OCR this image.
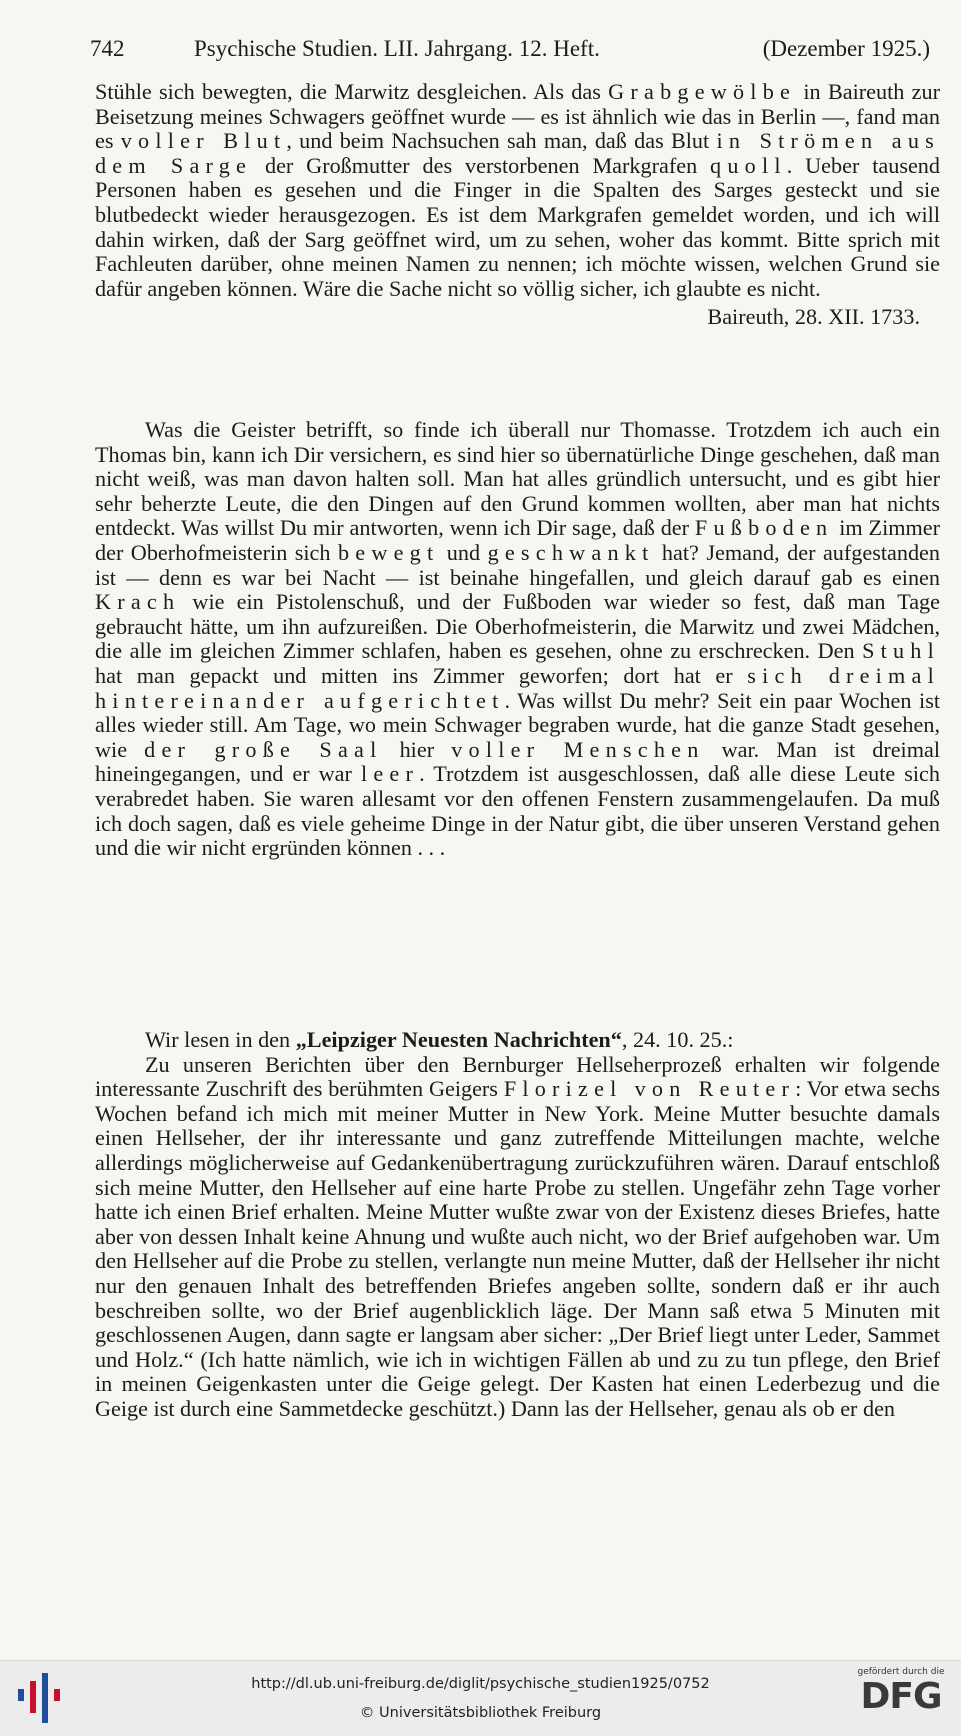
742	Psychische Studien. LII. Jahrgang. 12. Heft.	(Dezember 1925.)

Stühle sich bewegten, die Marwitz desgleichen. Als das Grabgewölbe in Baireuth zur Beisetzung meines Schwagers geöffnet wurde — es ist ähnlich wie das in Berlin —, fand man es voller Blut, und beim Nachsuchen sah man, daß das Blut in Strömen aus dem Sarge der Großmutter des verstorbenen Markgrafen quoll. Ueber tausend Personen haben es gesehen und die Finger in die Spalten des Sarges gesteckt und sie blutbedeckt wieder herausgezogen. Es ist dem Markgrafen gemeldet worden, und ich will dahin wirken, daß der Sarg geöffnet wird, um zu sehen, woher das kommt. Bitte sprich mit Fachleuten darüber, ohne meinen Namen zu nennen; ich möchte wissen, welchen Grund sie dafür angeben können. Wäre die Sache nicht so völlig sicher, ich glaubte es nicht.

Baireuth, 28. XII. 1733.

Was die Geister betrifft, so finde ich überall nur Thomasse. Trotzdem ich auch ein Thomas bin, kann ich Dir versichern, es sind hier so übernatürliche Dinge geschehen, daß man nicht weiß, was man davon halten soll. Man hat alles gründlich untersucht, und es gibt hier sehr beherzte Leute, die den Dingen auf den Grund kommen wollten, aber man hat nichts entdeckt. Was willst Du mir antworten, wenn ich Dir sage, daß der Fußboden im Zimmer der Oberhofmeisterin sich bewegt und geschwankt hat? Jemand, der aufgestanden ist — denn es war bei Nacht — ist beinahe hingefallen, und gleich darauf gab es einen Krach wie ein Pistolenschuß, und der Fußboden war wieder so fest, daß man Tage gebraucht hätte, um ihn aufzureißen. Die Oberhofmeisterin, die Marwitz und zwei Mädchen, die alle im gleichen Zimmer schlafen, haben es gesehen, ohne zu erschrecken. Den Stuhl hat man gepackt und mitten ins Zimmer geworfen; dort hat er sich dreimal hintereinander aufgerichtet. Was willst Du mehr? Seit ein paar Wochen ist alles wieder still. Am Tage, wo mein Schwager begraben wurde, hat die ganze Stadt gesehen, wie der große Saal hier voller Menschen war. Man ist dreimal hineingegangen, und er war leer. Trotzdem ist ausgeschlossen, daß alle diese Leute sich verabredet haben. Sie waren allesamt vor den offenen Fenstern zusammengelaufen. Da muß ich doch sagen, daß es viele geheime Dinge in der Natur gibt, die über unseren Verstand gehen und die wir nicht ergründen können . . .

Wir lesen in den „Leipziger Neuesten Nachrichten“, 24. 10. 25.:

Zu unseren Berichten über den Bernburger Hellseherprozeß erhalten wir folgende interessante Zuschrift des berühmten Geigers Florizel von Reuter: Vor etwa sechs Wochen befand ich mich mit meiner Mutter in New York. Meine Mutter besuchte damals einen Hellseher, der ihr interessante und ganz zutreffende Mitteilungen machte, welche allerdings möglicherweise auf Gedankenübertragung zurückzuführen wären. Darauf entschloß sich meine Mutter, den Hellseher auf eine harte Probe zu stellen. Ungefähr zehn Tage vorher hatte ich einen Brief erhalten. Meine Mutter wußte zwar von der Existenz dieses Briefes, hatte aber von dessen Inhalt keine Ahnung und wußte auch nicht, wo der Brief aufgehoben war. Um den Hellseher auf die Probe zu stellen, verlangte nun meine Mutter, daß der Hellseher ihr nicht nur den genauen Inhalt des betreffenden Briefes angeben sollte, sondern daß er ihr auch beschreiben sollte, wo der Brief augenblicklich läge. Der Mann saß etwa 5 Minuten mit geschlossenen Augen, dann sagte er langsam aber sicher: „Der Brief liegt unter Leder, Sammet und Holz.“ (Ich hatte nämlich, wie ich in wichtigen Fällen ab und zu zu tun pflege, den Brief in meinen Geigenkasten unter die Geige gelegt. Der Kasten hat einen Lederbezug und die Geige ist durch eine Sammetdecke geschützt.) Dann las der Hellseher, genau als ob er den

http://dl.ub.uni-freiburg.de/diglit/psychische_studien1925/0752
© Universitätsbibliothek Freiburg
gefördert durch die
DFG
